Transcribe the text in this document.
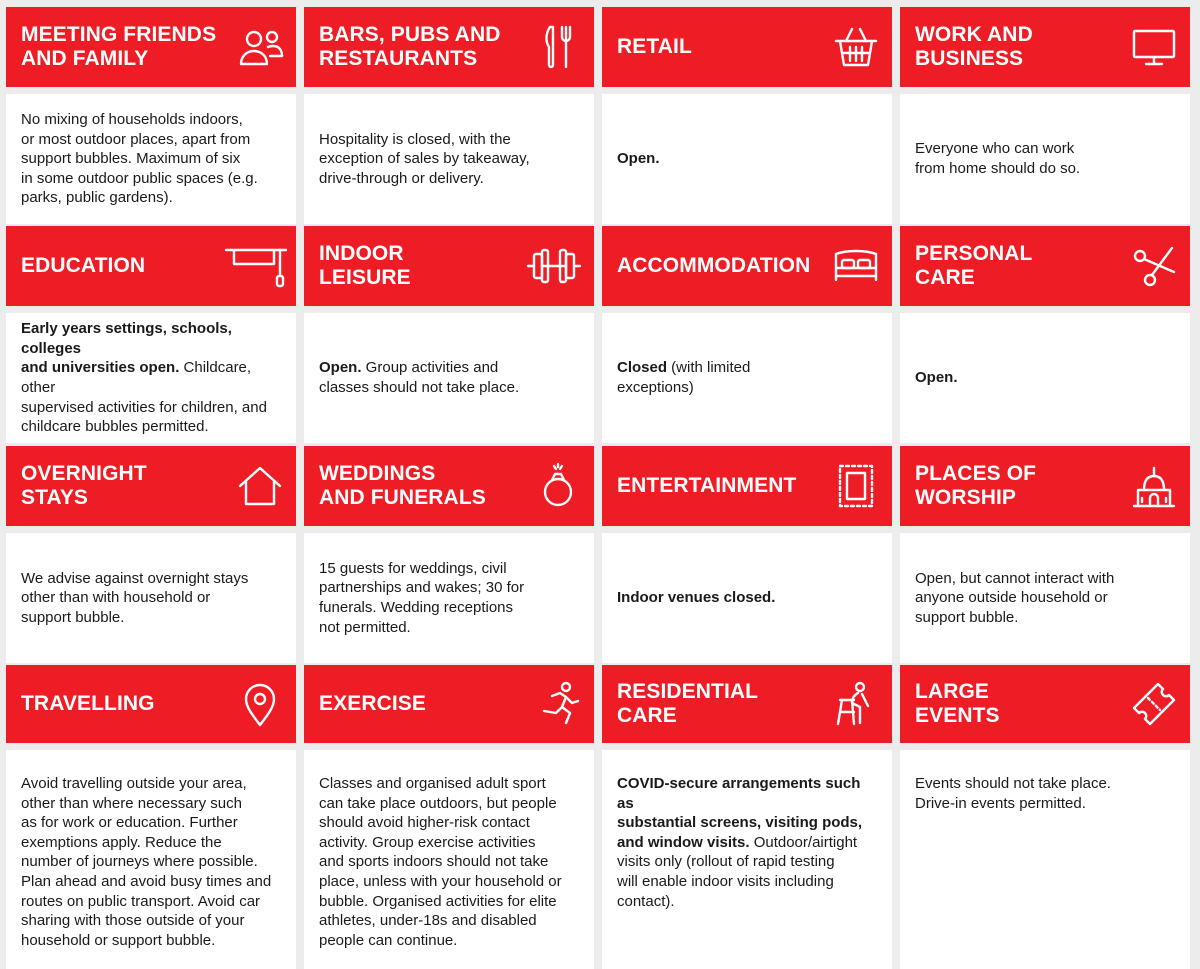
MEETING FRIENDS
AND FAMILY
No mixing of households indoors,
or most outdoor places, apart from
support bubbles. Maximum of six
in some outdoor public spaces (e.g.
parks, public gardens).
BARS, PUBS AND
RESTAURANTS
Hospitality is closed, with the
exception of sales by takeaway,
drive-through or delivery.
RETAIL
Open.
WORK AND
BUSINESS
Everyone who can work
from home should do so.
EDUCATION
Early years settings, schools, colleges
and universities open. Childcare, other
supervised activities for children, and
childcare bubbles permitted.
INDOOR
LEISURE
Open. Group activities and
classes should not take place.
ACCOMMODATION
Closed (with limited
exceptions)
PERSONAL
CARE
Open.
OVERNIGHT
STAYS
We advise against overnight stays
other than with household or
support bubble.
WEDDINGS
AND FUNERALS
15 guests for weddings, civil
partnerships and wakes; 30 for
funerals. Wedding receptions
not permitted.
ENTERTAINMENT
Indoor venues closed.
PLACES OF
WORSHIP
Open, but cannot interact with
anyone outside household or
support bubble.
TRAVELLING
Avoid travelling outside your area,
other than where necessary such
as for work or education. Further
exemptions apply. Reduce the
number of journeys where possible.
Plan ahead and avoid busy times and
routes on public transport. Avoid car
sharing with those outside of your
household or support bubble.
EXERCISE
Classes and organised adult sport
can take place outdoors, but people
should avoid higher-risk contact
activity. Group exercise activities
and sports indoors should not take
place, unless with your household or
bubble. Organised activities for elite
athletes, under-18s and disabled
people can continue.
RESIDENTIAL
CARE
COVID-secure arrangements such as
substantial screens, visiting pods,
and window visits. Outdoor/airtight
visits only (rollout of rapid testing
will enable indoor visits including
contact).
LARGE
EVENTS
Events should not take place.
Drive-in events permitted.
